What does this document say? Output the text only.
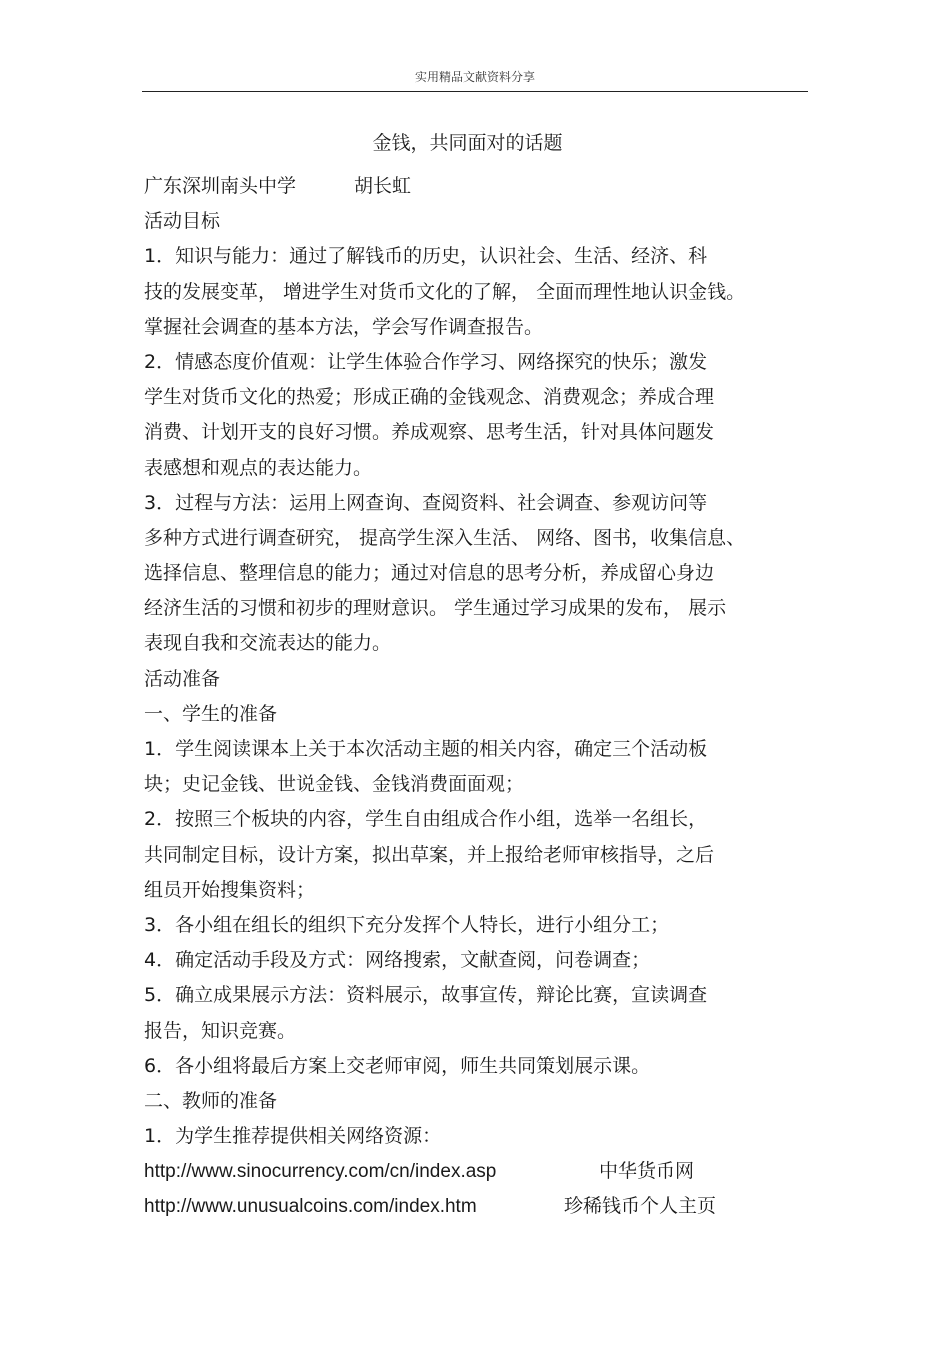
实用精品文献资料分享
金钱，共同面对的话题
广东深圳南头中学	胡长虹
活动目标
1．知识与能力：通过了解钱币的历史，认识社会、生活、经济、科
技的发展变革， 增进学生对货币文化的了解， 全面而理性地认识金钱。
掌握社会调查的基本方法，学会写作调查报告。
2．情感态度价值观：让学生体验合作学习、网络探究的快乐；激发
学生对货币文化的热爱；形成正确的金钱观念、消费观念；养成合理
消费、计划开支的良好习惯。养成观察、思考生活，针对具体问题发
表感想和观点的表达能力。
3．过程与方法：运用上网查询、查阅资料、社会调查、参观访问等
多种方式进行调查研究， 提高学生深入生活、 网络、图书，收集信息、
选择信息、整理信息的能力；通过对信息的思考分析，养成留心身边
经济生活的习惯和初步的理财意识。 学生通过学习成果的发布， 展示
表现自我和交流表达的能力。
活动准备
一、学生的准备
1．学生阅读课本上关于本次活动主题的相关内容，确定三个活动板
块；史记金钱、世说金钱、金钱消费面面观；
2．按照三个板块的内容，学生自由组成合作小组，选举一名组长，
共同制定目标，设计方案，拟出草案，并上报给老师审核指导，之后
组员开始搜集资料；
3．各小组在组长的组织下充分发挥个人特长，进行小组分工；
4．确定活动手段及方式：网络搜索，文献查阅，问卷调查；
5．确立成果展示方法：资料展示，故事宣传，辩论比赛，宣读调查
报告，知识竞赛。
6．各小组将最后方案上交老师审阅，师生共同策划展示课。
二、教师的准备
1．为学生推荐提供相关网络资源：
http://www.sinocurrency.com/cn/index.asp	中华货币网
http://www.unusualcoins.com/index.htm	珍稀钱币个人主页
